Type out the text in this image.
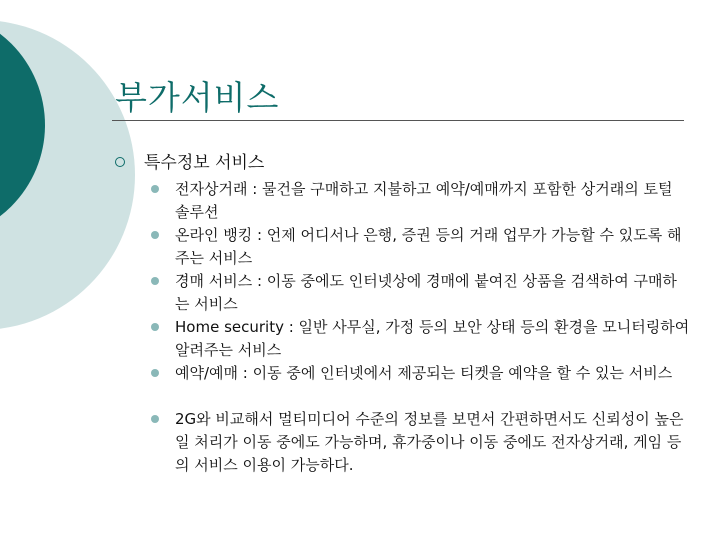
부가서비스
특수정보 서비스
전자상거래 : 물건을 구매하고 지불하고 예약/예매까지 포함한 상거래의 토털 솔루션
온라인 뱅킹 : 언제 어디서나 은행, 증권 등의 거래 업무가 가능할 수 있도록 해주는 서비스
경매 서비스 : 이동 중에도 인터넷상에 경매에 붙여진 상품을 검색하여 구매하는 서비스
Home security : 일반 사무실, 가정 등의 보안 상태 등의 환경을 모니터링하여 알려주는 서비스
예약/예매 : 이동 중에 인터넷에서 제공되는 티켓을 예약을 할 수 있는 서비스
2G와 비교해서 멀티미디어 수준의 정보를 보면서 간편하면서도 신뢰성이 높은 일 처리가 이동 중에도 가능하며, 휴가중이나 이동 중에도 전자상거래, 게임 등의 서비스 이용이 가능하다.
